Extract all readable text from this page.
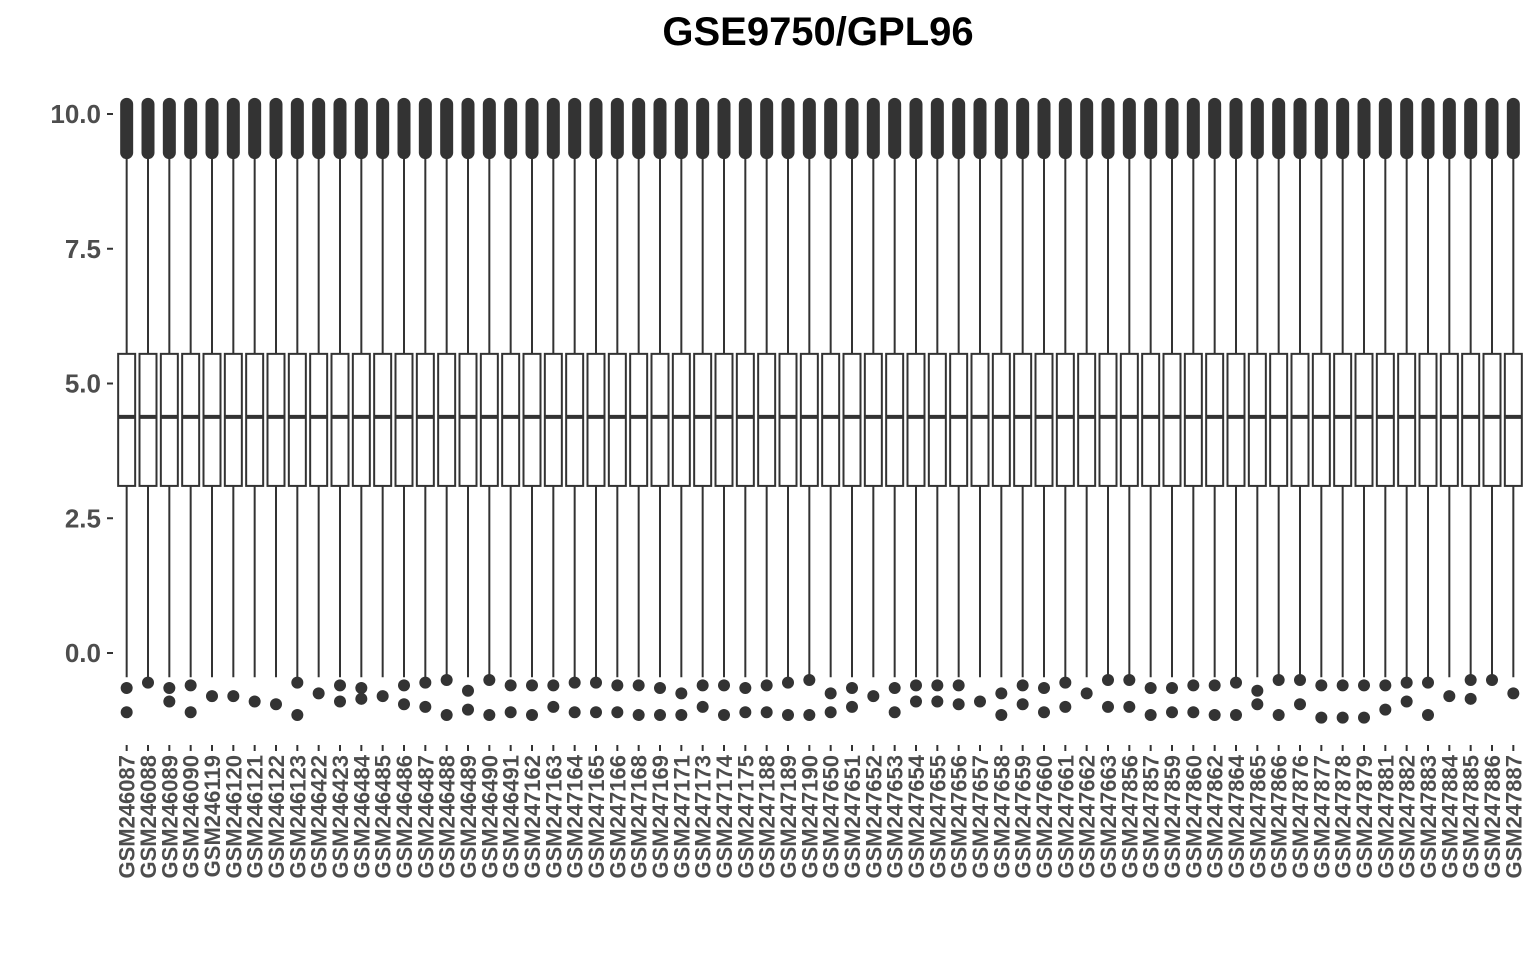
GSE9750/GPL96
0.0
2.5
5.0
7.5
10.0
GSM246087
GSM246088
GSM246089
GSM246090
GSM246119
GSM246120
GSM246121
GSM246122
GSM246123
GSM246422
GSM246423
GSM246484
GSM246485
GSM246486
GSM246487
GSM246488
GSM246489
GSM246490
GSM246491
GSM247162
GSM247163
GSM247164
GSM247165
GSM247166
GSM247168
GSM247169
GSM247171
GSM247173
GSM247174
GSM247175
GSM247188
GSM247189
GSM247190
GSM247650
GSM247651
GSM247652
GSM247653
GSM247654
GSM247655
GSM247656
GSM247657
GSM247658
GSM247659
GSM247660
GSM247661
GSM247662
GSM247663
GSM247856
GSM247857
GSM247859
GSM247860
GSM247862
GSM247864
GSM247865
GSM247866
GSM247876
GSM247877
GSM247878
GSM247879
GSM247881
GSM247882
GSM247883
GSM247884
GSM247885
GSM247886
GSM247887
